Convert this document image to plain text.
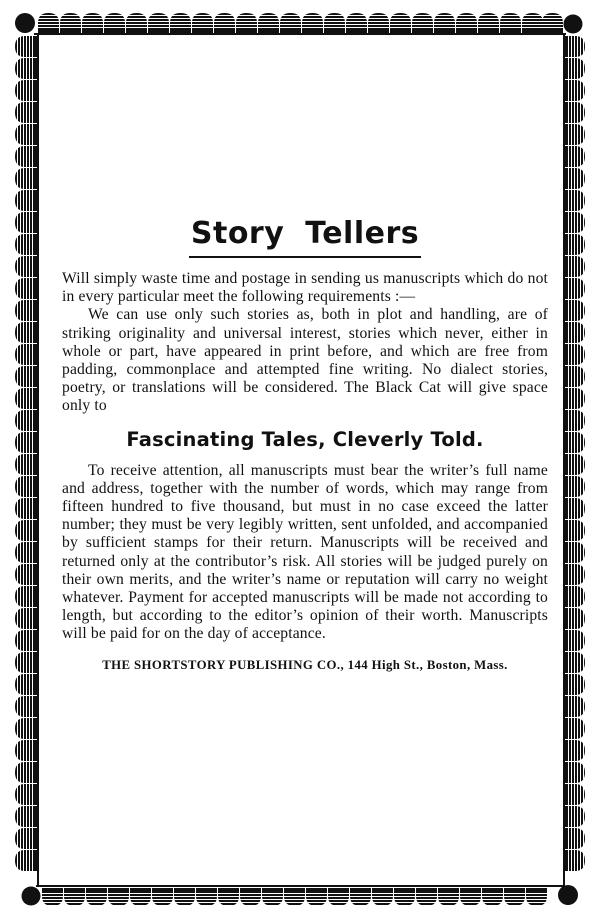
Story Tellers

Will simply waste time and postage in sending us manuscripts which do not in every particular meet the following requirements :—

We can use only such stories as, both in plot and handling, are of striking originality and universal interest, stories which never, either in whole or part, have appeared in print before, and which are free from padding, commonplace and attempted fine writing. No dialect stories, poetry, or translations will be considered. The Black Cat will give space only to

Fascinating Tales, Cleverly Told.

To receive attention, all manuscripts must bear the writer’s full name and address, together with the number of words, which may range from fifteen hundred to five thousand, but must in no case exceed the latter number; they must be very legibly written, sent unfolded, and accompanied by sufficient stamps for their return. Manuscripts will be received and returned only at the contributor’s risk. All stories will be judged purely on their own merits, and the writer’s name or reputation will carry no weight whatever. Payment for accepted manuscripts will be made not according to length, but according to the editor’s opinion of their worth. Manuscripts will be paid for on the day of acceptance.

THE SHORTSTORY PUBLISHING CO., 144 High St., Boston, Mass.
